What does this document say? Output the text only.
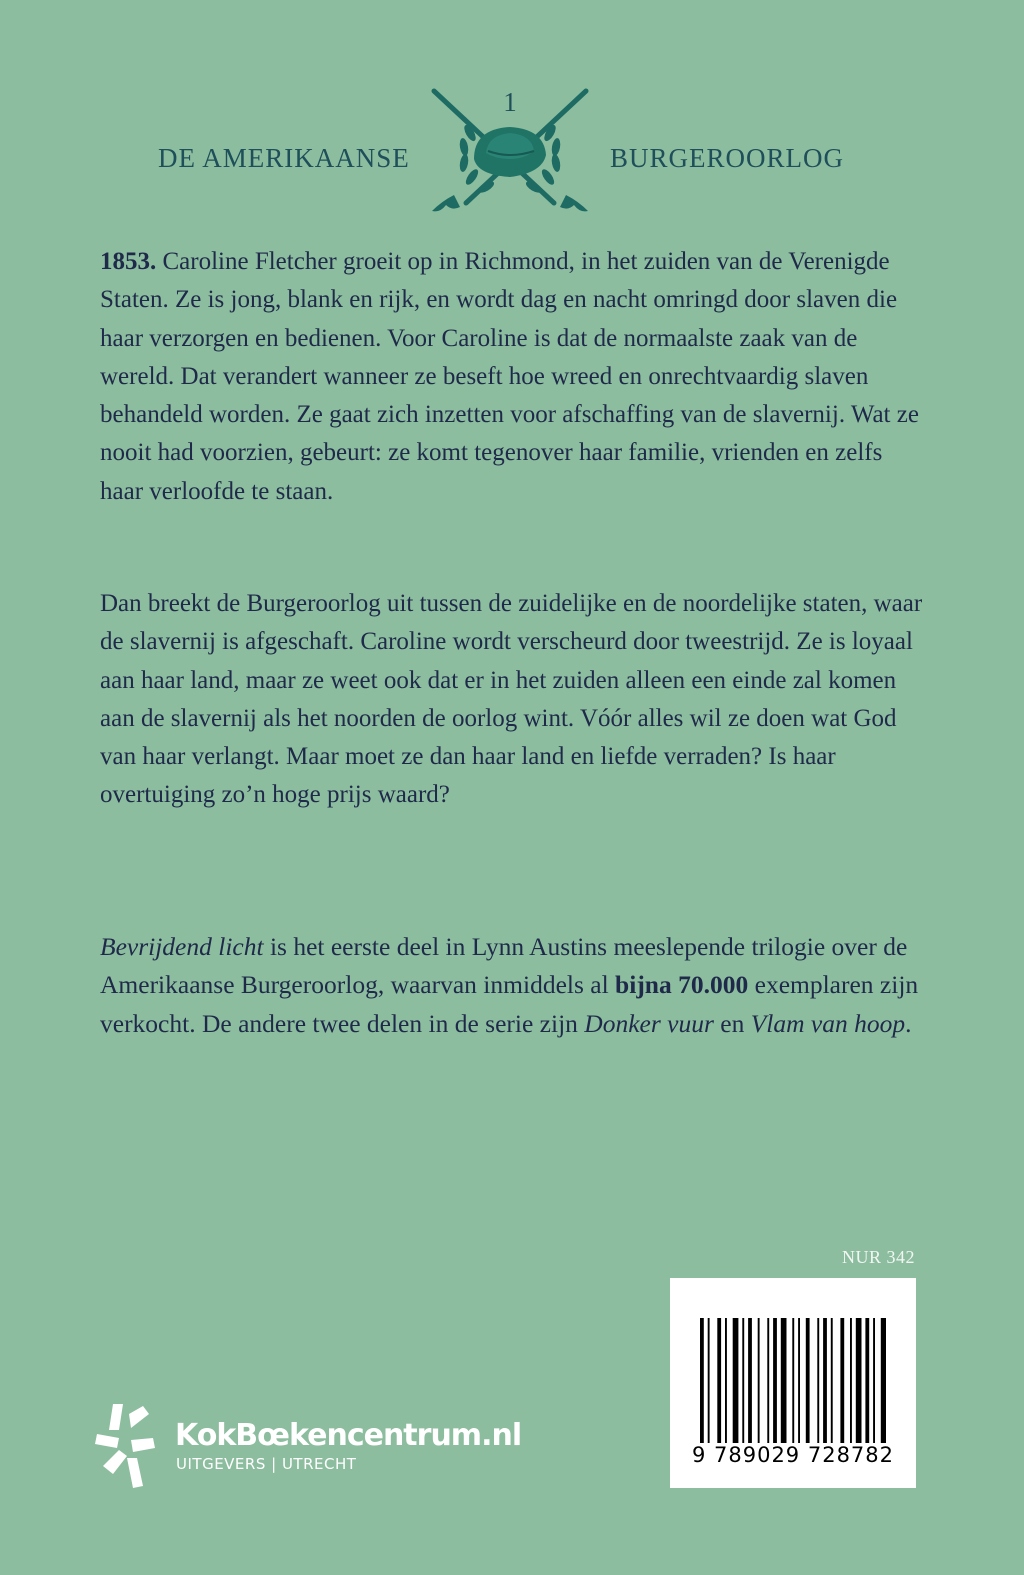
DE AMERIKAANSE
1
BURGEROORLOG

1853. Caroline Fletcher groeit op in Richmond, in het zuiden van de Verenigde Staten. Ze is jong, blank en rijk, en wordt dag en nacht omringd door slaven die haar verzorgen en bedienen. Voor Caroline is dat de normaalste zaak van de wereld. Dat verandert wanneer ze beseft hoe wreed en onrechtvaardig slaven behandeld worden. Ze gaat zich inzetten voor afschaffing van de slavernij. Wat ze nooit had voorzien, gebeurt: ze komt tegenover haar familie, vrienden en zelfs haar verloofde te staan.

Dan breekt de Burgeroorlog uit tussen de zuidelijke en de noordelijke staten, waar de slavernij is afgeschaft. Caroline wordt verscheurd door tweestrijd. Ze is loyaal aan haar land, maar ze weet ook dat er in het zuiden alleen een einde zal komen aan de slavernij als het noorden de oorlog wint. Vóór alles wil ze doen wat God van haar verlangt. Maar moet ze dan haar land en liefde verraden? Is haar overtuiging zo’n hoge prijs waard?

Bevrijdend licht is het eerste deel in Lynn Austins meeslepende trilogie over de Amerikaanse Burgeroorlog, waarvan inmiddels al bijna 70.000 exemplaren zijn verkocht. De andere twee delen in de serie zijn Donker vuur en Vlam van hoop.

NUR 342
9 789029 728782
KokBœkencentrum.nl
UITGEVERS | UTRECHT
